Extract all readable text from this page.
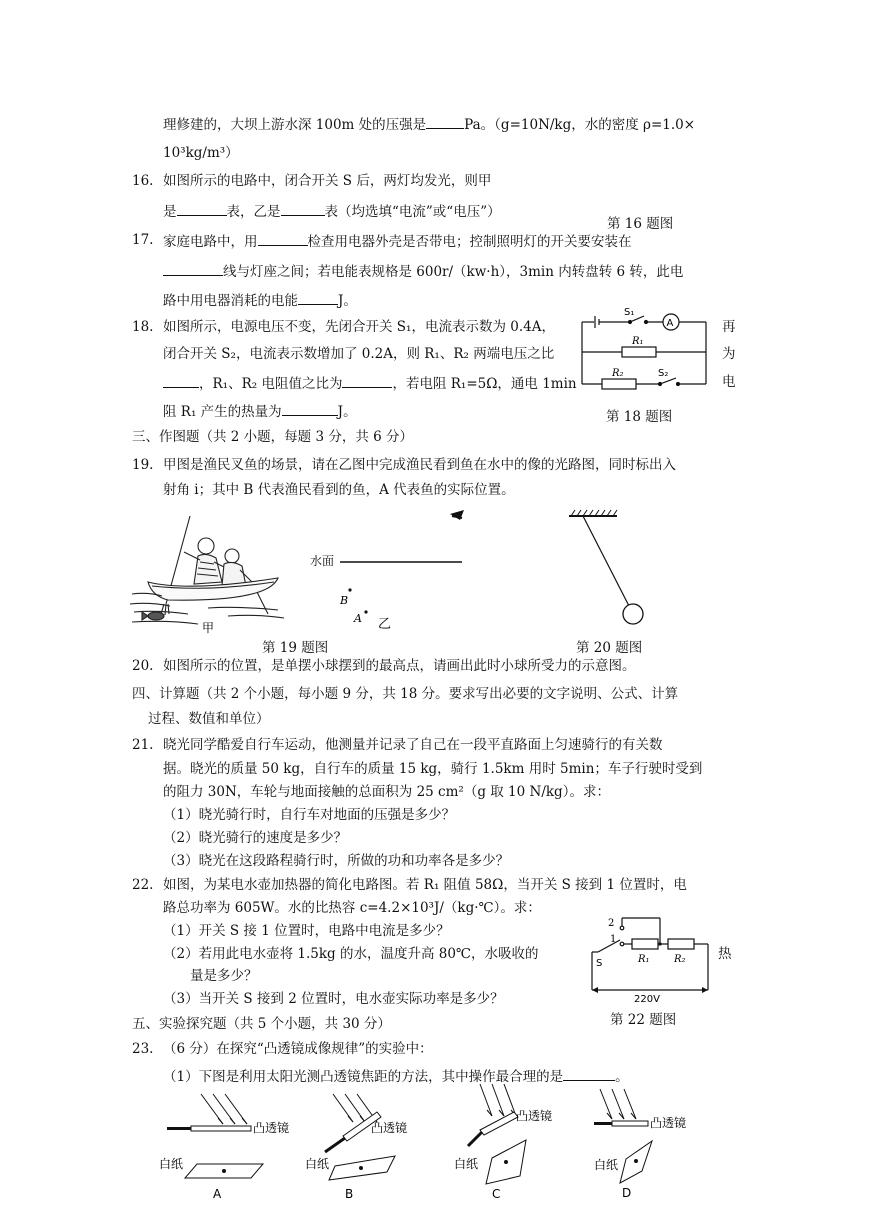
理修建的，大坝上游水深 100m 处的压强是	Pa。（g=10N/kg，水的密度 ρ=1.0×
10³kg/m³）
16. 如图所示的电路中，闭合开关 S 后，两灯均发光，则甲
是	表，乙是	表（均选填“电流”或“电压”）
第 16 题图
17. 家庭电路中，用	检查用电器外壳是否带电；控制照明灯的开关要安装在
线与灯座之间；若电能表规格是 600r/（kw·h），3min 内转盘转 6 转，此电
路中用电器消耗的电能	J。
18. 如图所示，电源电压不变，先闭合开关 S₁，电流表示数为 0.4A，	再
闭合开关 S₂，电流表示数增加了 0.2A，则 R₁、R₂ 两端电压之比	为
，R₁、R₂ 电阻值之比为	，若电阻 R₁=5Ω，通电 1min	电
阻 R₁ 产生的热量为	J。
S₁
A
R₁
R₂	S₂
第 18 题图
三、作图题（共 2 小题，每题 3 分，共 6 分）
19. 甲图是渔民叉鱼的场景，请在乙图中完成渔民看到鱼在水中的像的光路图，同时标出入
射角 i；其中 B 代表渔民看到的鱼，A 代表鱼的实际位置。
甲
水面
B
A 乙
第 19 题图	第 20 题图
20. 如图所示的位置，是单摆小球摆到的最高点，请画出此时小球所受力的示意图。
四、计算题（共 2 个小题，每小题 9 分，共 18 分。要求写出必要的文字说明、公式、计算
过程、数值和单位）
21. 晓光同学酷爱自行车运动，他测量并记录了自己在一段平直路面上匀速骑行的有关数
据。晓光的质量 50 kg，自行车的质量 15 kg，骑行 1.5km 用时 5min；车子行驶时受到
的阻力 30N，车轮与地面接触的总面积为 25 cm²（g 取 10 N/kg）。求：
（1）晓光骑行时，自行车对地面的压强是多少？
（2）晓光骑行的速度是多少？
（3）晓光在这段路程骑行时，所做的功和功率各是多少？
22. 如图，为某电水壶加热器的简化电路图。若 R₁ 阻值 58Ω，当开关 S 接到 1 位置时，电
路总功率为 605W。水的比热容 c=4.2×10³J/（kg·℃）。求：
（1）开关 S 接 1 位置时，电路中电流是多少？
（2）若用此电水壶将 1.5kg 的水，温度升高 80℃，水吸收的	热
量是多少？
（3）当开关 S 接到 2 位置时，电水壶实际功率是多少？
2
1
S	R₁ R₂
220V
第 22 题图
五、实验探究题（共 5 个小题，共 30 分）
23. （6 分）在探究“凸透镜成像规律”的实验中：
（1）下图是利用太阳光测凸透镜焦距的方法，其中操作最合理的是	。
凸透镜
白纸
A
凸透镜
白纸
B
凸透镜
白纸
C
凸透镜
白纸
D
